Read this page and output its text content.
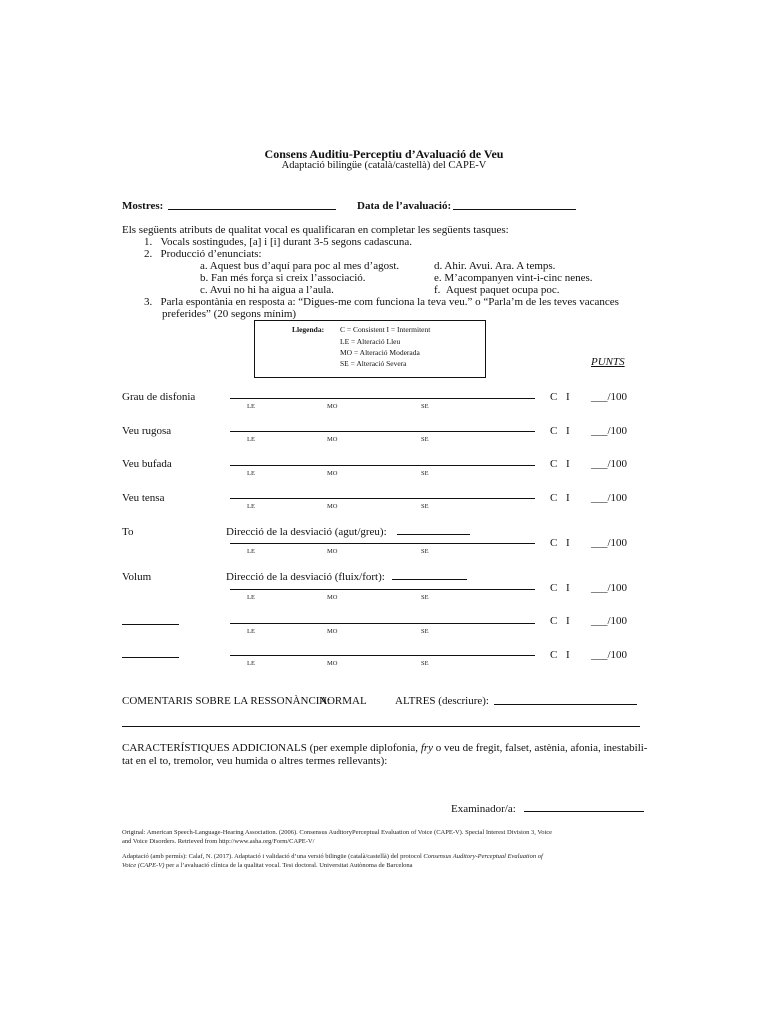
Consens Auditiu-Perceptiu d’Avaluació de Veu
Adaptació bilingüe (català/castellà) del CAPE-V
Mostres:	Data de l’avaluació:
Els següents atributs de qualitat vocal es qualificaran en completar les següents tasques:
1.   Vocals sostingudes, [a] i [i] durant 3-5 segons cadascuna.
2.   Producció d’enunciats:
a. Aquest bus d’aquí para poc al mes d’agost.
b. Fan més força si creix l’associació.
c. Avui no hi ha aigua a l’aula.
d. Ahir. Avui. Ara. A temps.
e. M’acompanyen vint-i-cinc nenes.
f.  Aquest paquet ocupa poc.
3.   Parla espontània en resposta a: “Digues-me com funciona la teva veu.” o “Parla’m de les teves vacances
preferides” (20 segons mínim)
Llegenda: C = Consistent I = Intermitent
LE = Alteració Lleu
MO = Alteració Moderada
SE = Alteració Severa	PUNTS
Grau de disfonia
LE	MO	SE
C I ___/100
Veu rugosa
LE	MO	SE
C I ___/100
Veu bufada
LE	MO	SE
C I ___/100
Veu tensa
LE	MO	SE
C I ___/100
To	Direcció de la desviació (agut/greu):
LE	MO	SE
C I ___/100
Volum	Direcció de la desviació (fluix/fort):
LE	MO	SE
C I ___/100
LE	MO	SE
C I ___/100
LE	MO	SE
C I ___/100
COMENTARIS SOBRE LA RESSONÀNCIA:
NORMAL	ALTRES (descriure):
CARACTERÍSTIQUES ADDICIONALS (per exemple diplofonia, fry o veu de fregit, falset, astènia, afonia, inestabili-
tat en el to, tremolor, veu humida o altres termes rellevants):
Examinador/a:
Original: American Speech-Language-Hearing Association. (2006). Consensus AuditoryPerceptual Evaluation of Voice (CAPE-V). Special Interest Division 3, Voice
and Voice Disorders. Retrieved from http://www.asha.org/Form/CAPE-V/
Adaptació (amb permís): Calaf, N. (2017). Adaptació i validació d’una versió bilingüe (català/castellà) del protocol Consensus Auditory-Perceptual Evaluation of
Voice (CAPE-V) per a l’avaluació clínica de la qualitat vocal. Tesi doctoral. Universitat Autònoma de Barcelona
